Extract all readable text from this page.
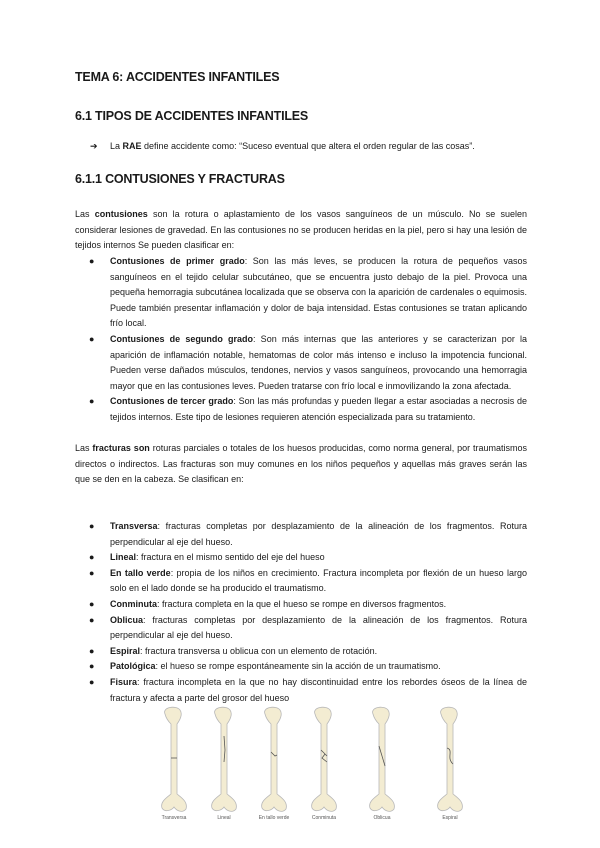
TEMA 6: ACCIDENTES INFANTILES
6.1 TIPOS DE ACCIDENTES INFANTILES
➔ La RAE define accidente como: “Suceso eventual que altera el orden regular de las cosas”.
6.1.1 CONTUSIONES Y FRACTURAS
Las contusiones son la rotura o aplastamiento de los vasos sanguíneos de un músculo. No se suelen considerar lesiones de gravedad. En las contusiones no se producen heridas en la piel, pero si hay una lesión de tejidos internos Se pueden clasificar en:
● Contusiones de primer grado: Son las más leves, se producen la rotura de pequeños vasos sanguíneos en el tejido celular subcutáneo, que se encuentra justo debajo de la piel. Provoca una pequeña hemorragia subcutánea localizada que se observa con la aparición de cardenales o equimosis. Puede también presentar inflamación y dolor de baja intensidad. Estas contusiones se tratan aplicando frío local.
● Contusiones de segundo grado: Son más internas que las anteriores y se caracterizan por la aparición de inflamación notable, hematomas de color más intenso e incluso la impotencia funcional. Pueden verse dañados músculos, tendones, nervios y vasos sanguíneos, provocando una hemorragia mayor que en las contusiones leves. Pueden tratarse con frío local e inmovilizando la zona afectada.
● Contusiones de tercer grado: Son las más profundas y pueden llegar a estar asociadas a necrosis de tejidos internos. Este tipo de lesiones requieren atención especializada para su tratamiento.
Las fracturas son roturas parciales o totales de los huesos producidas, como norma general, por traumatismos directos o indirectos. Las fracturas son muy comunes en los niños pequeños y aquellas más graves serán las que se den en la cabeza. Se clasifican en:
● Transversa: fracturas completas por desplazamiento de la alineación de los fragmentos. Rotura perpendicular al eje del hueso.
● Lineal: fractura en el mismo sentido del eje del hueso
● En tallo verde: propia de los niños en crecimiento. Fractura incompleta por flexión de un hueso largo solo en el lado donde se ha producido el traumatismo.
● Conminuta: fractura completa en la que el hueso se rompe en diversos fragmentos.
● Oblicua: fracturas completas por desplazamiento de la alineación de los fragmentos. Rotura perpendicular al eje del hueso.
● Espiral: fractura transversa u oblicua con un elemento de rotación.
● Patológica: el hueso se rompe espontáneamente sin la acción de un traumatismo.
● Fisura: fractura incompleta en la que no hay discontinuidad entre los rebordes óseos de la línea de fractura y afecta a parte del grosor del hueso
Transversa	Lineal	En tallo verde	Conminuta	Oblicua	Espiral
